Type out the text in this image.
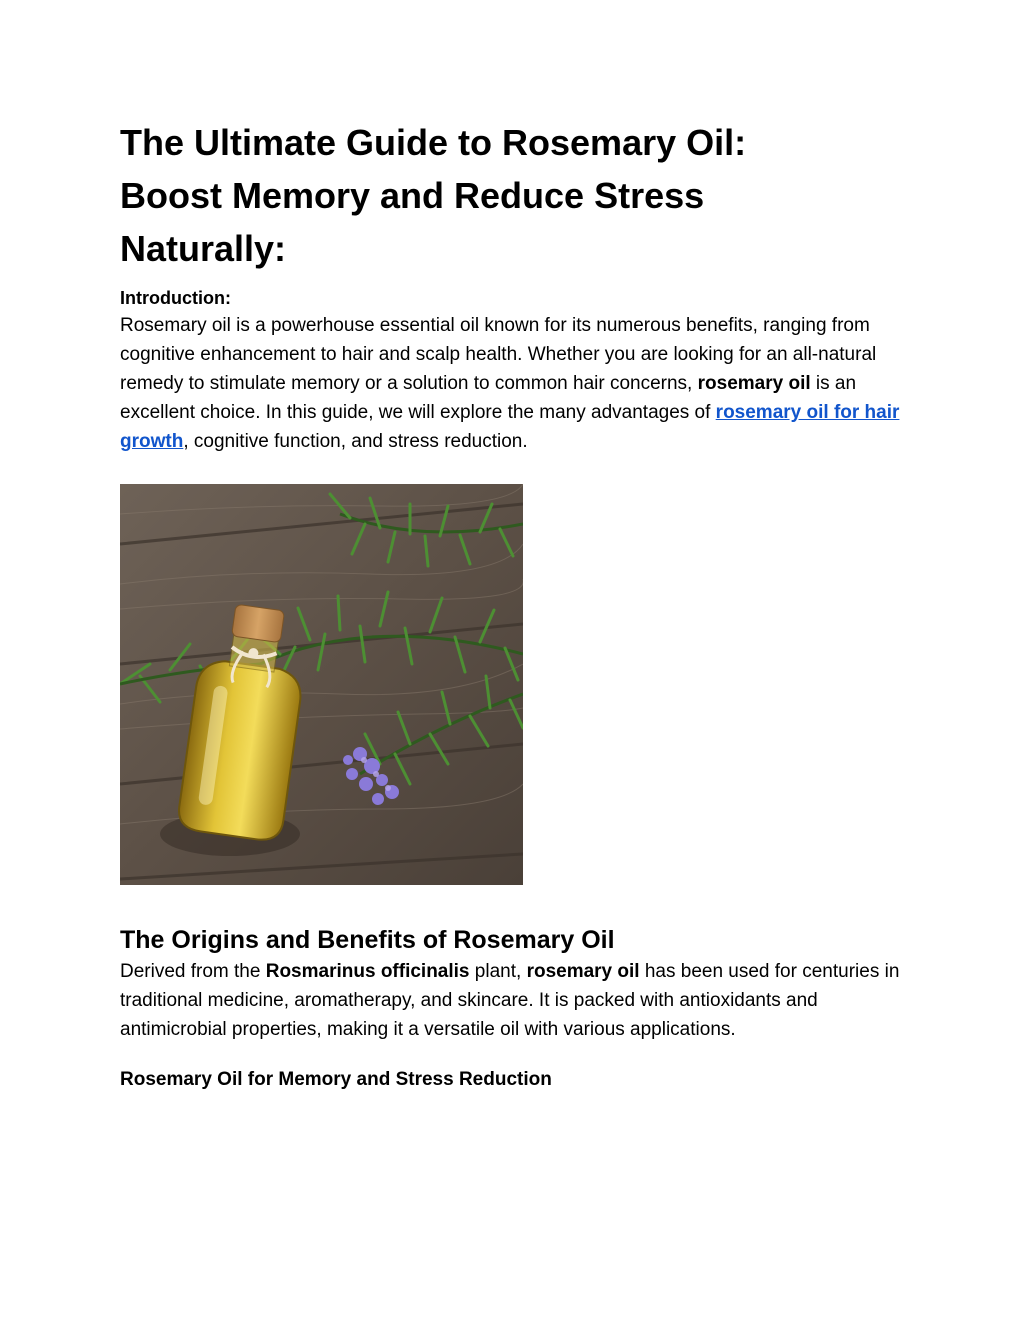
The Ultimate Guide to Rosemary Oil:
Boost Memory and Reduce Stress
Naturally:
Introduction:

Rosemary oil is a powerhouse essential oil known for its numerous benefits, ranging from cognitive enhancement to hair and scalp health. Whether you are looking for an all-natural remedy to stimulate memory or a solution to common hair concerns, rosemary oil is an excellent choice. In this guide, we will explore the many advantages of rosemary oil for hair growth, cognitive function, and stress reduction.

The Origins and Benefits of Rosemary Oil

Derived from the Rosmarinus officinalis plant, rosemary oil has been used for centuries in traditional medicine, aromatherapy, and skincare. It is packed with antioxidants and antimicrobial properties, making it a versatile oil with various applications.

Rosemary Oil for Memory and Stress Reduction
